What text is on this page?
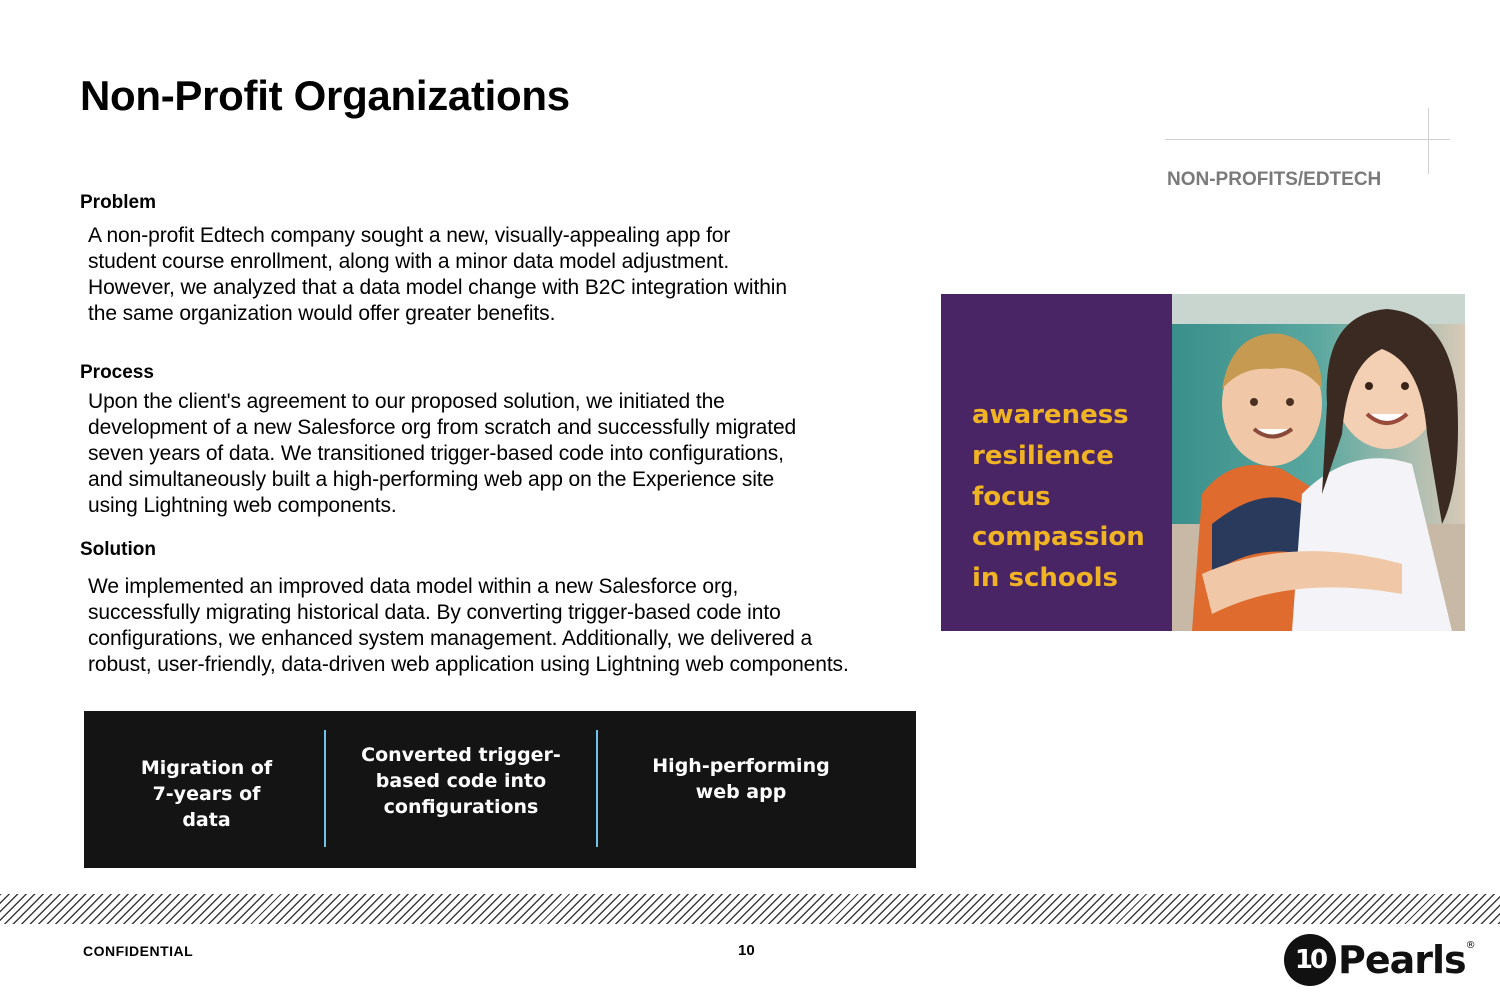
Non-Profit Organizations
NON-PROFITS/EDTECH
Problem

A non-profit Edtech company sought a new, visually-appealing app for
student course enrollment, along with a minor data model adjustment.
However, we analyzed that a data model change with B2C integration within
the same organization would offer greater benefits.

Process

Upon the client's agreement to our proposed solution, we initiated the
development of a new Salesforce org from scratch and successfully migrated
seven years of data. We transitioned trigger-based code into configurations,
and simultaneously built a high-performing web app on the Experience site
using Lightning web components.

Solution

We implemented an improved data model within a new Salesforce org,
successfully migrating historical data. By converting trigger-based code into
configurations, we enhanced system management. Additionally, we delivered a
robust, user-friendly, data-driven web application using Lightning web components.

Migration of
7-years of
data
Converted trigger-
based code into
configurations
High-performing
web app
awareness
resilience
focus
compassion
in schools
CONFIDENTIAL	10	10 Pearls ®
